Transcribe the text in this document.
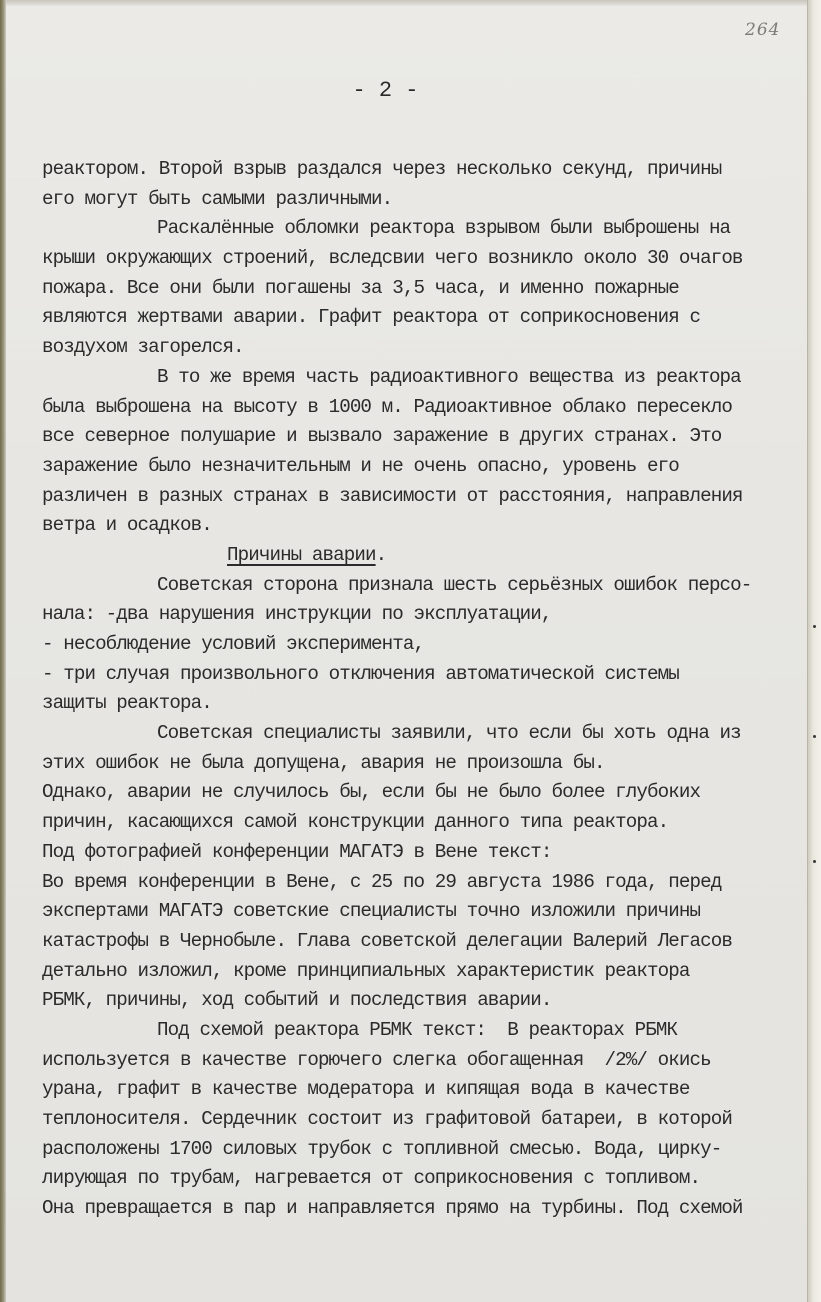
264
- 2 -
реактором. Второй взрыв раздался через несколько секунд, причины
его могут быть самыми различными.
Раскалённые обломки реактора взрывом были выброшены на
крыши окружающих строений, вследсвии чего возникло около 30 очагов
пожара. Все они были погашены за 3,5 часа, и именно пожарные
являются жертвами аварии. Графит реактора от соприкосновения с
воздухом загорелся.
В то же время часть радиоактивного вещества из реактора
была выброшена на высоту в 1000 м. Радиоактивное облако пересекло
все северное полушарие и вызвало заражение в других странах. Это
заражение было незначительным и не очень опасно, уровень его
различен в разных странах в зависимости от расстояния, направления
ветра и осадков.
Причины аварии.
Советская сторона признала шесть серьёзных ошибок персо-
нала: -два нарушения инструкции по эксплуатации,
- несоблюдение условий эксперимента,
- три случая произвольного отключения автоматической системы
защиты реактора.
Советская специалисты заявили, что если бы хоть одна из
этих ошибок не была допущена, авария не произошла бы.
Однако, аварии не случилось бы, если бы не было более глубоких
причин, касающихся самой конструкции данного типа реактора.
Под фотографией конференции МАГАТЭ в Вене текст:
Во время конференции в Вене, с 25 по 29 августа 1986 года, перед
экспертами МАГАТЭ советские специалисты точно изложили причины
катастрофы в Чернобыле. Глава советской делегации Валерий Легасов
детально изложил, кроме принципиальных характеристик реактора
РБМК, причины, ход событий и последствия аварии.
Под схемой реактора РБМК текст:  В реакторах РБМК
используется в качестве горючего слегка обогащенная  /2%/ окись
урана, графит в качестве модератора и кипящая вода в качестве
теплоносителя. Сердечник состоит из графитовой батареи, в которой
расположены 1700 силовых трубок с топливной смесью. Вода, цирку-
лирующая по трубам, нагревается от соприкосновения с топливом.
Она превращается в пар и направляется прямо на турбины. Под схемой
